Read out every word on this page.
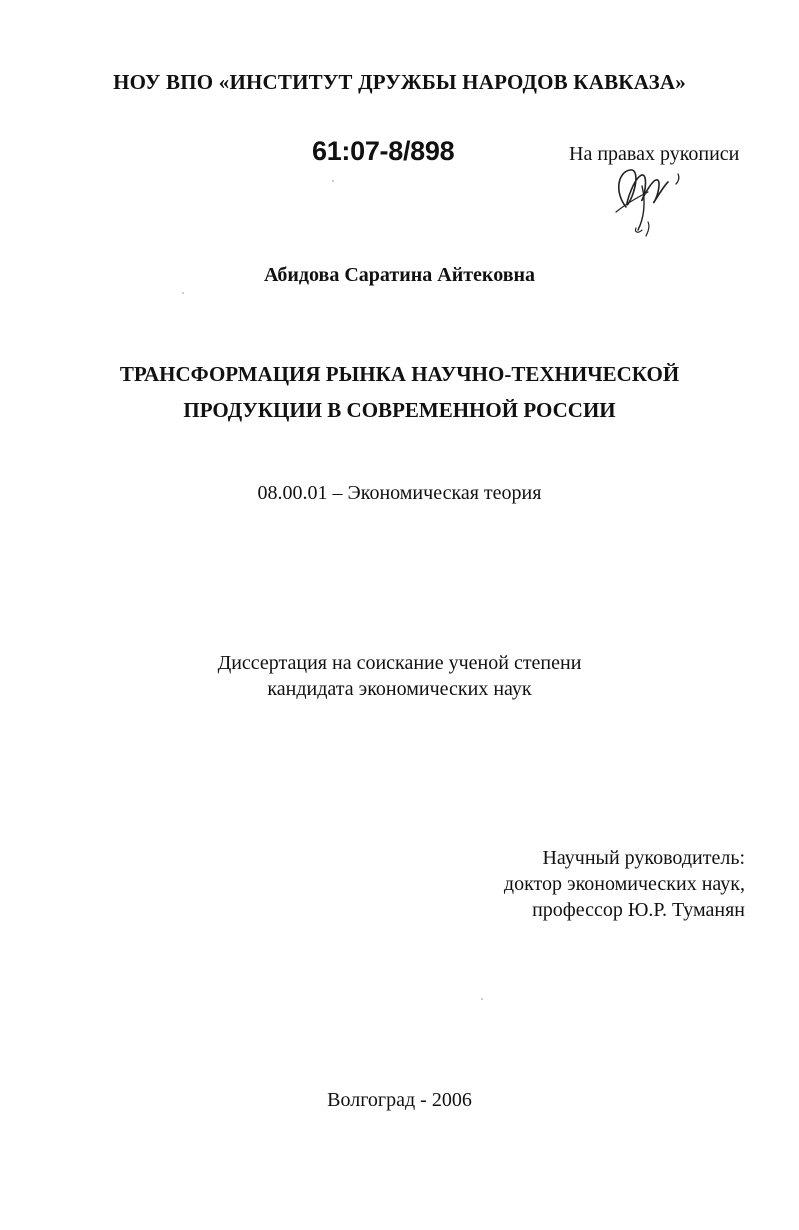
НОУ ВПО «ИНСТИТУТ ДРУЖБЫ НАРОДОВ КАВКАЗА»
61:07-8/898	На правах рукописи
Абидова Саратина Айтековна
ТРАНСФОРМАЦИЯ РЫНКА НАУЧНО-ТЕХНИЧЕСКОЙ
ПРОДУКЦИИ В СОВРЕМЕННОЙ РОССИИ
08.00.01 – Экономическая теория
Диссертация на соискание ученой степени
кандидата экономических наук
Научный руководитель:
доктор экономических наук,
профессор Ю.Р. Туманян
Волгоград - 2006
